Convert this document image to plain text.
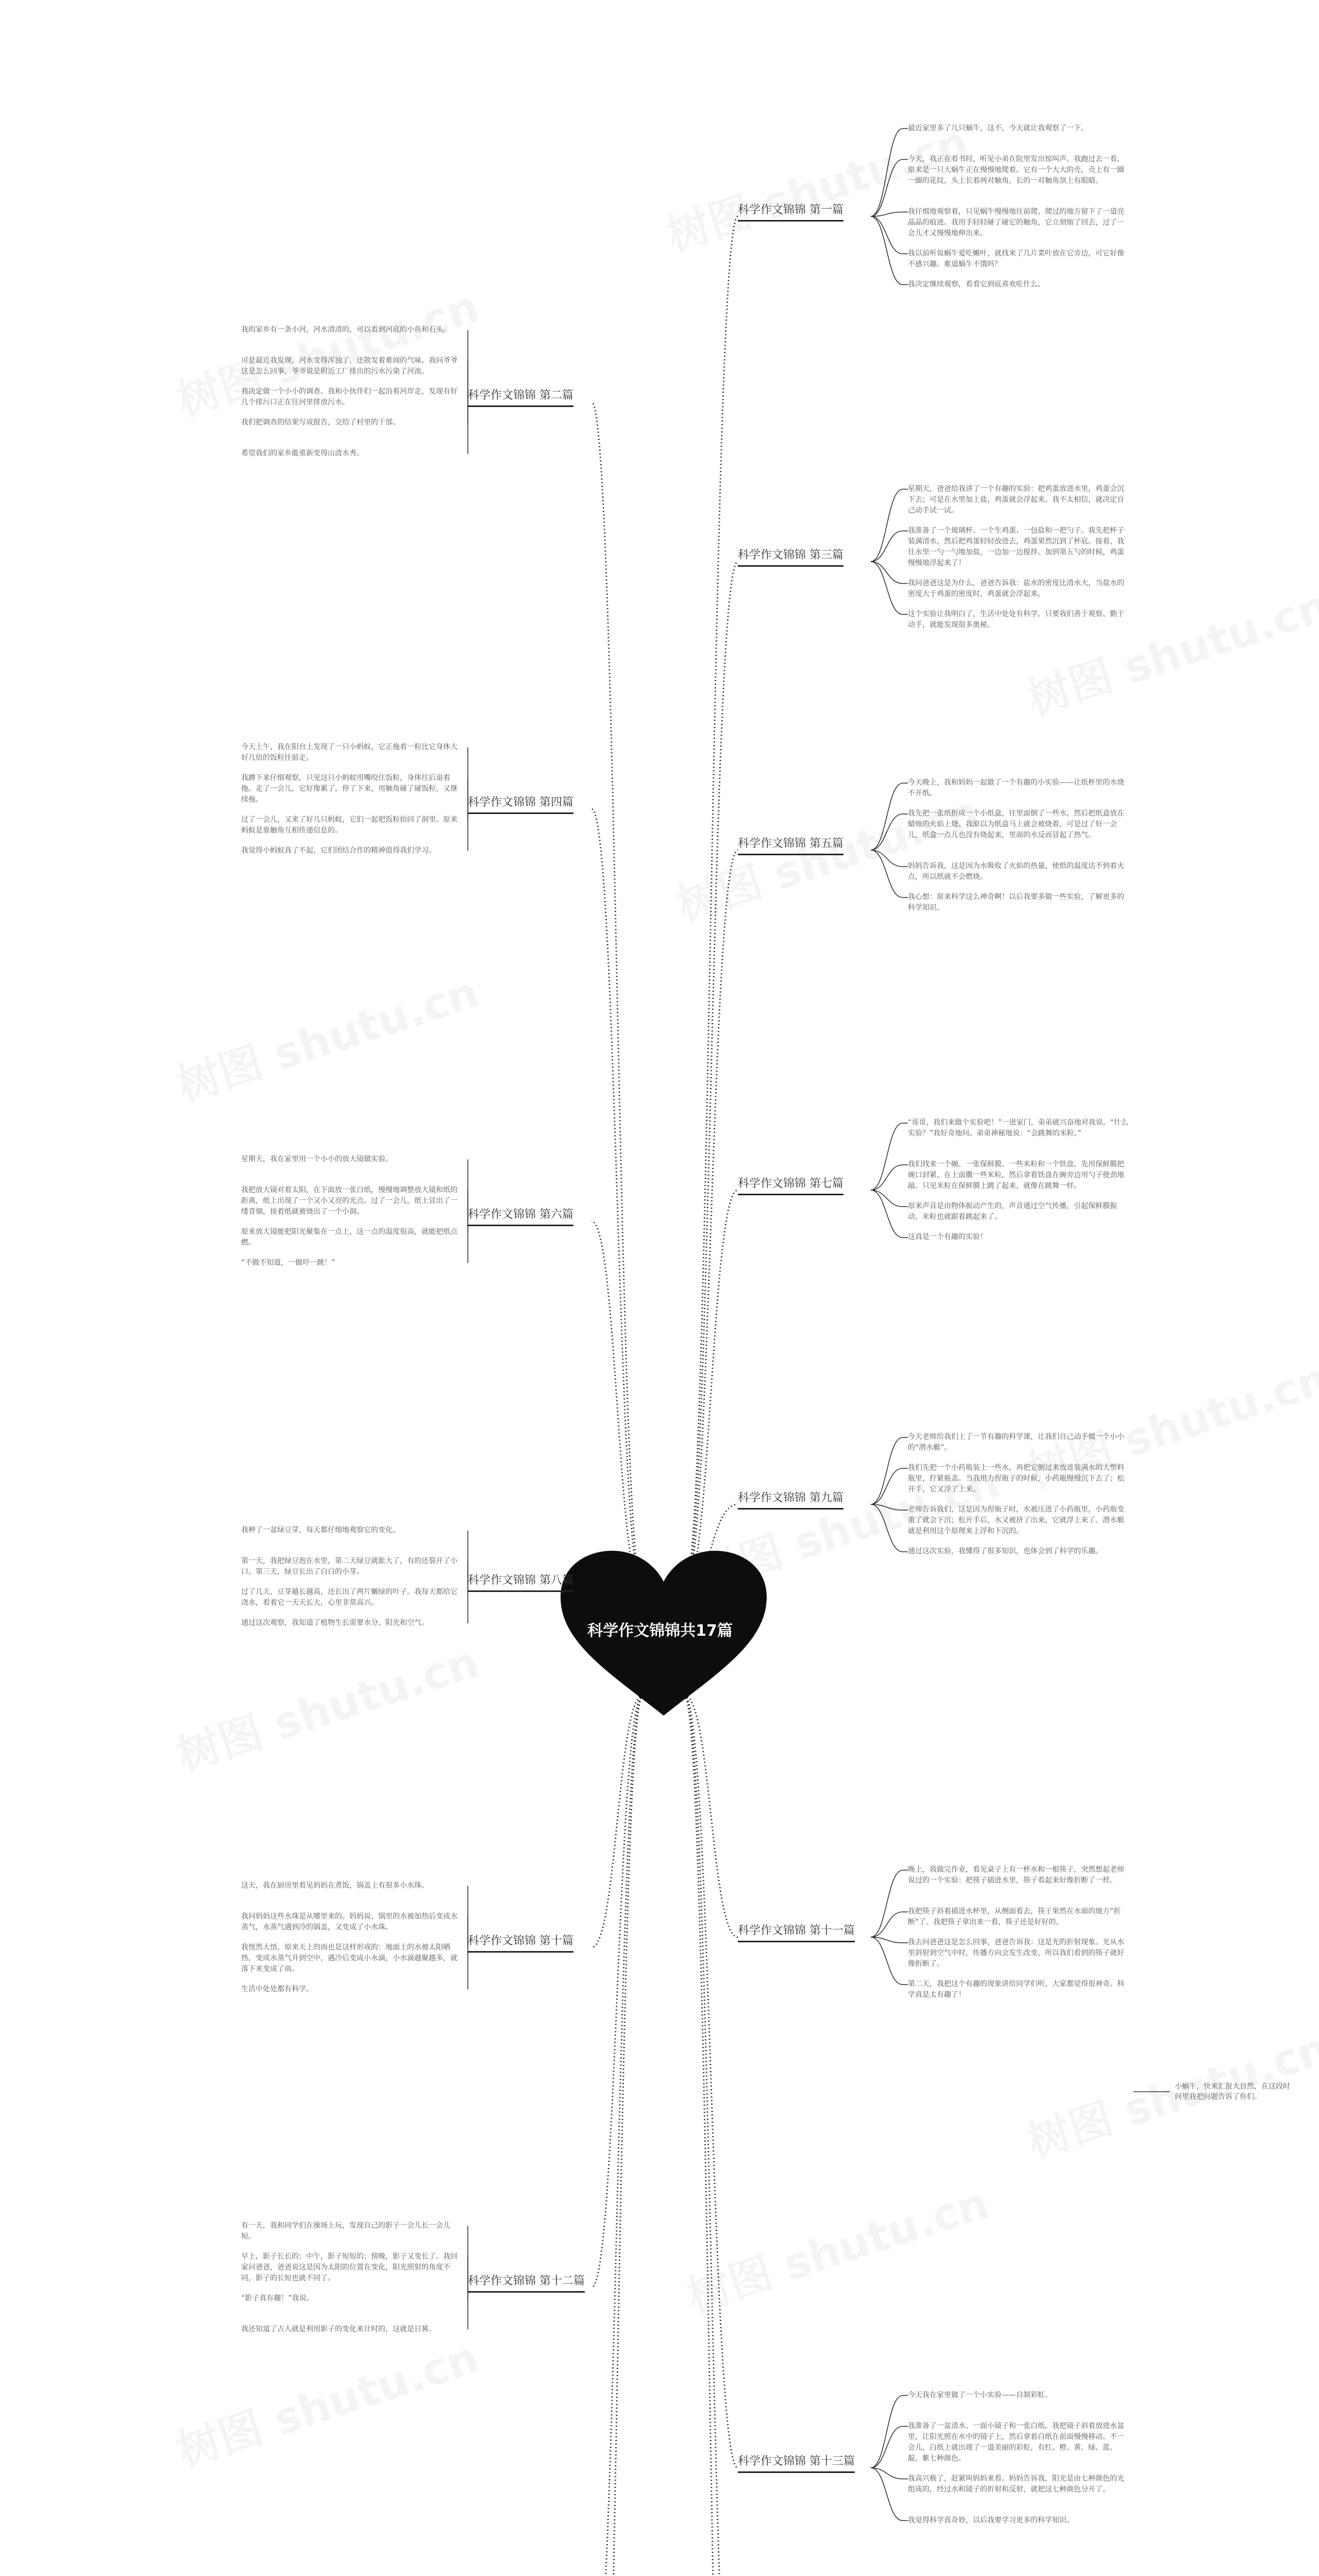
科学作文锦锦共17篇
科学作文锦锦 第一篇
最近家里多了几只蜗牛，这不，今天就让我观察了一下。
今天，我正在看书时，听见小弟在院里发出惊叫声。我跑过去一看，原来是一只大蜗牛正在慢慢地爬着。它有一个大大的壳，壳上有一圈一圈的花纹，头上长着两对触角，长的一对触角顶上有眼睛。
我仔细地观察着，只见蜗牛慢慢地往前爬，爬过的地方留下了一道亮晶晶的痕迹。我用手轻轻碰了碰它的触角，它立刻缩了回去，过了一会儿才又慢慢地伸出来。
我以前听说蜗牛爱吃嫩叶，就找来了几片菜叶放在它旁边，可它好像不感兴趣。难道蜗牛不饿吗？
我决定继续观察，看看它到底喜欢吃什么。
科学作文锦锦 第三篇
星期天，爸爸给我讲了一个有趣的实验：把鸡蛋放进水里，鸡蛋会沉下去；可是在水里加上盐，鸡蛋就会浮起来。我不太相信，就决定自己动手试一试。
我准备了一个玻璃杯、一个生鸡蛋、一包盐和一把勺子。我先把杯子装满清水，然后把鸡蛋轻轻放进去，鸡蛋果然沉到了杯底。接着，我往水里一勺一勺地加盐，一边加一边搅拌。加到第五勺的时候，鸡蛋慢慢地浮起来了！
我问爸爸这是为什么，爸爸告诉我：盐水的密度比清水大，当盐水的密度大于鸡蛋的密度时，鸡蛋就会浮起来。
这个实验让我明白了，生活中处处有科学，只要我们善于观察、勤于动手，就能发现很多奥秘。
科学作文锦锦 第五篇
今天晚上，我和妈妈一起做了一个有趣的小实验——让纸杯里的水烧不开纸。
我先把一张纸折成一个小纸盒，往里面倒了一些水，然后把纸盒放在蜡烛的火焰上烧。我原以为纸盒马上就会被烧着，可是过了好一会儿，纸盒一点儿也没有烧起来，里面的水反而冒起了热气。
妈妈告诉我，这是因为水吸收了火焰的热量，使纸的温度达不到着火点，所以纸就不会燃烧。
我心想：原来科学这么神奇啊！以后我要多做一些实验，了解更多的科学知识。
科学作文锦锦 第七篇
“哥哥，我们来做个实验吧！”一进家门，弟弟就兴奋地对我说。“什么实验？”我好奇地问。弟弟神秘地说：“会跳舞的米粒。”
我们找来一个碗、一张保鲜膜、一些米粒和一个铁盘。先用保鲜膜把碗口封紧，在上面撒一些米粒，然后拿着铁盘在碗旁边用勺子使劲地敲。只见米粒在保鲜膜上跳了起来，就像在跳舞一样。
原来声音是由物体振动产生的，声音通过空气传播，引起保鲜膜振动，米粒也就跟着跳起来了。
这真是一个有趣的实验！
科学作文锦锦 第九篇
今天老师给我们上了一节有趣的科学课，让我们自己动手做一个小小的“潜水艇”。
我们先把一个小药瓶装上一些水，再把它倒过来放进装满水的大塑料瓶里，拧紧瓶盖。当我用力捏瓶子的时候，小药瓶慢慢沉下去了；松开手，它又浮了上来。
老师告诉我们，这是因为捏瓶子时，水被压进了小药瓶里，小药瓶变重了就会下沉；松开手后，水又被挤了出来，它就浮上来了。潜水艇就是利用这个原理来上浮和下沉的。
通过这次实验，我懂得了很多知识，也体会到了科学的乐趣。
科学作文锦锦 第十一篇
晚上，我做完作业，看见桌子上有一杯水和一根筷子，突然想起老师说过的一个实验：把筷子插进水里，筷子看起来好像折断了一样。
我把筷子斜着插进水杯里，从侧面看去，筷子果然在水面的地方“折断”了。我把筷子拿出来一看，筷子还是好好的。
我去问爸爸这是怎么回事，爸爸告诉我：这是光的折射现象。光从水里斜射到空气中时，传播方向会发生改变，所以我们看到的筷子就好像折断了。
第二天，我把这个有趣的现象讲给同学们听，大家都觉得很神奇。科学真是太有趣了！
科学作文锦锦 第十三篇
今天我在家里做了一个小实验——自制彩虹。
我准备了一盆清水、一面小镜子和一张白纸。我把镜子斜着放进水盆里，让阳光照在水中的镜子上，然后拿着白纸在前面慢慢移动。不一会儿，白纸上就出现了一道美丽的彩虹，有红、橙、黄、绿、蓝、靛、紫七种颜色。
我高兴极了，赶紧叫妈妈来看。妈妈告诉我，阳光是由七种颜色的光组成的，经过水和镜子的折射和反射，就把这七种颜色分开了。
我觉得科学真奇妙，以后我要学习更多的科学知识。
科学作文锦锦 第二篇
我的家乡有一条小河，河水清清的，可以看到河底的小鱼和石头。
可是最近我发现，河水变得浑浊了，还散发着难闻的气味。我问爷爷这是怎么回事，爷爷说是附近工厂排出的污水污染了河流。
我决定做一个小小的调查。我和小伙伴们一起沿着河岸走，发现有好几个排污口正在往河里排放污水。
我们把调查的结果写成报告，交给了村里的干部。
希望我们的家乡能重新变得山清水秀。
科学作文锦锦 第四篇
今天上午，我在阳台上发现了一只小蚂蚁，它正拖着一粒比它身体大好几倍的饭粒往前走。
我蹲下来仔细观察，只见这只小蚂蚁用嘴咬住饭粒，身体往后退着拖。走了一会儿，它好像累了，停了下来，用触角碰了碰饭粒，又继续拖。
过了一会儿，又来了好几只蚂蚁，它们一起把饭粒抬回了洞里。原来蚂蚁是靠触角互相传递信息的。
我觉得小蚂蚁真了不起，它们团结合作的精神值得我们学习。
科学作文锦锦 第六篇
星期天，我在家里用一个小小的放大镜做实验。
我把放大镜对着太阳，在下面放一张白纸，慢慢地调整放大镜和纸的距离，纸上出现了一个又小又亮的光点。过了一会儿，纸上冒出了一缕青烟，接着纸就被烧出了一个小洞。
原来放大镜能把阳光聚集在一点上，这一点的温度很高，就能把纸点燃。
“不做不知道，一做吓一跳！”
科学作文锦锦 第八篇
我种了一盆绿豆芽，每天都仔细地观察它的变化。
第一天，我把绿豆泡在水里，第二天绿豆就胀大了，有的还裂开了小口。第三天，绿豆长出了白白的小芽。
过了几天，豆芽越长越高，还长出了两片嫩绿的叶子。我每天都给它浇水，看着它一天天长大，心里非常高兴。
通过这次观察，我知道了植物生长需要水分、阳光和空气。
科学作文锦锦 第十篇
这天，我在厨房里看见妈妈在煮饭，锅盖上有很多小水珠。
我问妈妈这些水珠是从哪里来的。妈妈说，锅里的水被加热后变成水蒸气，水蒸气遇到冷的锅盖，又变成了小水珠。
我恍然大悟，原来天上的雨也是这样形成的：地面上的水被太阳晒热，变成水蒸气升到空中，遇冷后变成小水滴，小水滴越聚越多，就落下来变成了雨。
生活中处处都有科学。
科学作文锦锦 第十二篇
有一天，我和同学们在操场上玩，发现自己的影子一会儿长一会儿短。
早上，影子长长的；中午，影子短短的；傍晚，影子又变长了。我回家问爸爸，爸爸说这是因为太阳的位置在变化，阳光照射的角度不同，影子的长短也就不同了。
“影子真有趣！”我说。
我还知道了古人就是利用影子的变化来计时的，这就是日晷。
小蜗牛，快来汇报大自然，在这段时间里我把问题告诉了你们。
